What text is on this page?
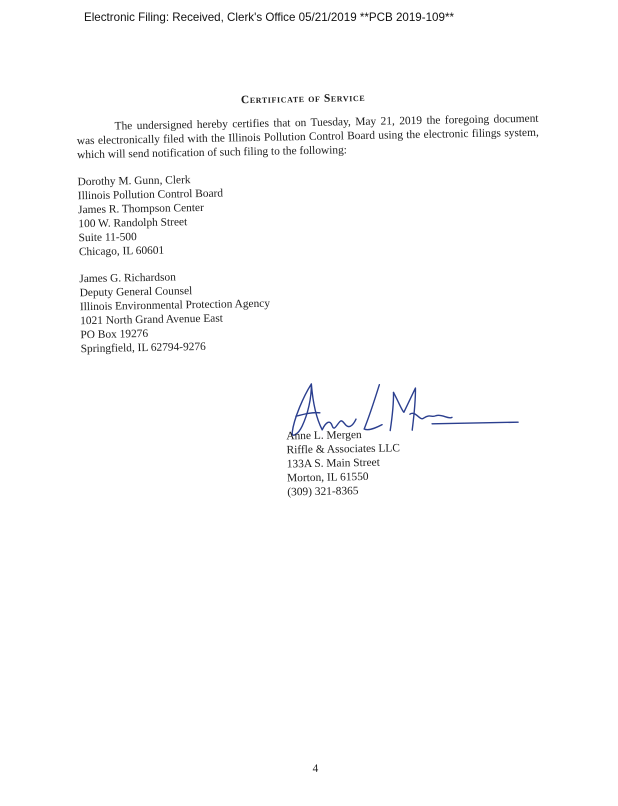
Electronic Filing: Received, Clerk's Office 05/21/2019 **PCB 2019-109**
Certificate of Service

The undersigned hereby certifies that on Tuesday, May 21, 2019 the foregoing document was electronically filed with the Illinois Pollution Control Board using the electronic filings system, which will send notification of such filing to the following:

Dorothy M. Gunn, Clerk
Illinois Pollution Control Board
James R. Thompson Center
100 W. Randolph Street
Suite 11-500
Chicago, IL 60601
James G. Richardson
Deputy General Counsel
Illinois Environmental Protection Agency
1021 North Grand Avenue East
PO Box 19276
Springfield, IL 62794-9276
Anne L. Mergen
Riffle & Associates LLC
133A S. Main Street
Morton, IL 61550
(309) 321-8365
4
